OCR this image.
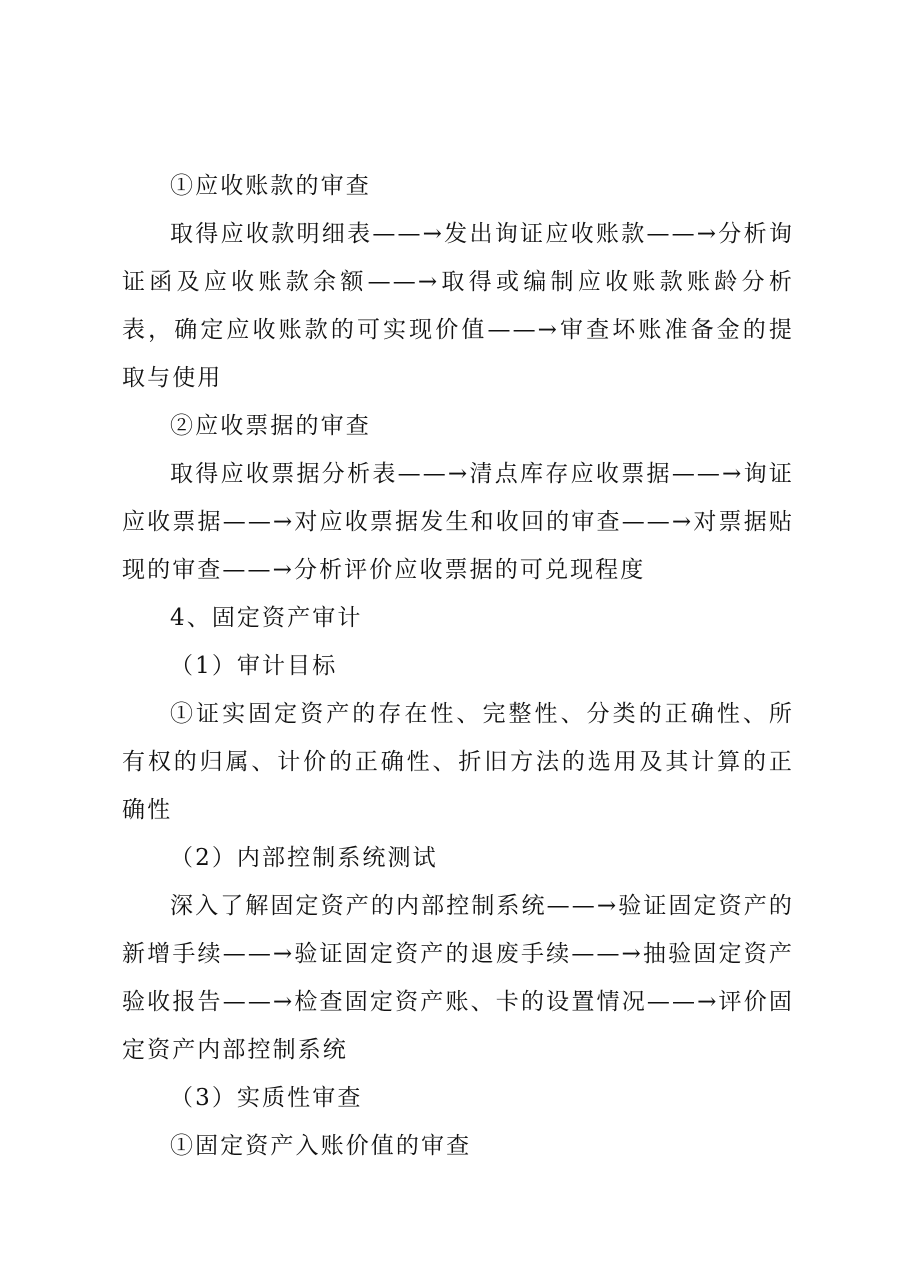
①应收账款的审查

取得应收款明细表——→发出询证应收账款——→分析询证函及应收账款余额——→取得或编制应收账款账龄分析表，确定应收账款的可实现价值——→审查坏账准备金的提取与使用

②应收票据的审查

取得应收票据分析表——→清点库存应收票据——→询证应收票据——→对应收票据发生和收回的审查——→对票据贴现的审查——→分析评价应收票据的可兑现程度

4、固定资产审计

（1）审计目标

①证实固定资产的存在性、完整性、分类的正确性、所有权的归属、计价的正确性、折旧方法的选用及其计算的正确性

（2）内部控制系统测试

深入了解固定资产的内部控制系统——→验证固定资产的新增手续——→验证固定资产的退废手续——→抽验固定资产验收报告——→检查固定资产账、卡的设置情况——→评价固定资产内部控制系统

（3）实质性审查

①固定资产入账价值的审查
